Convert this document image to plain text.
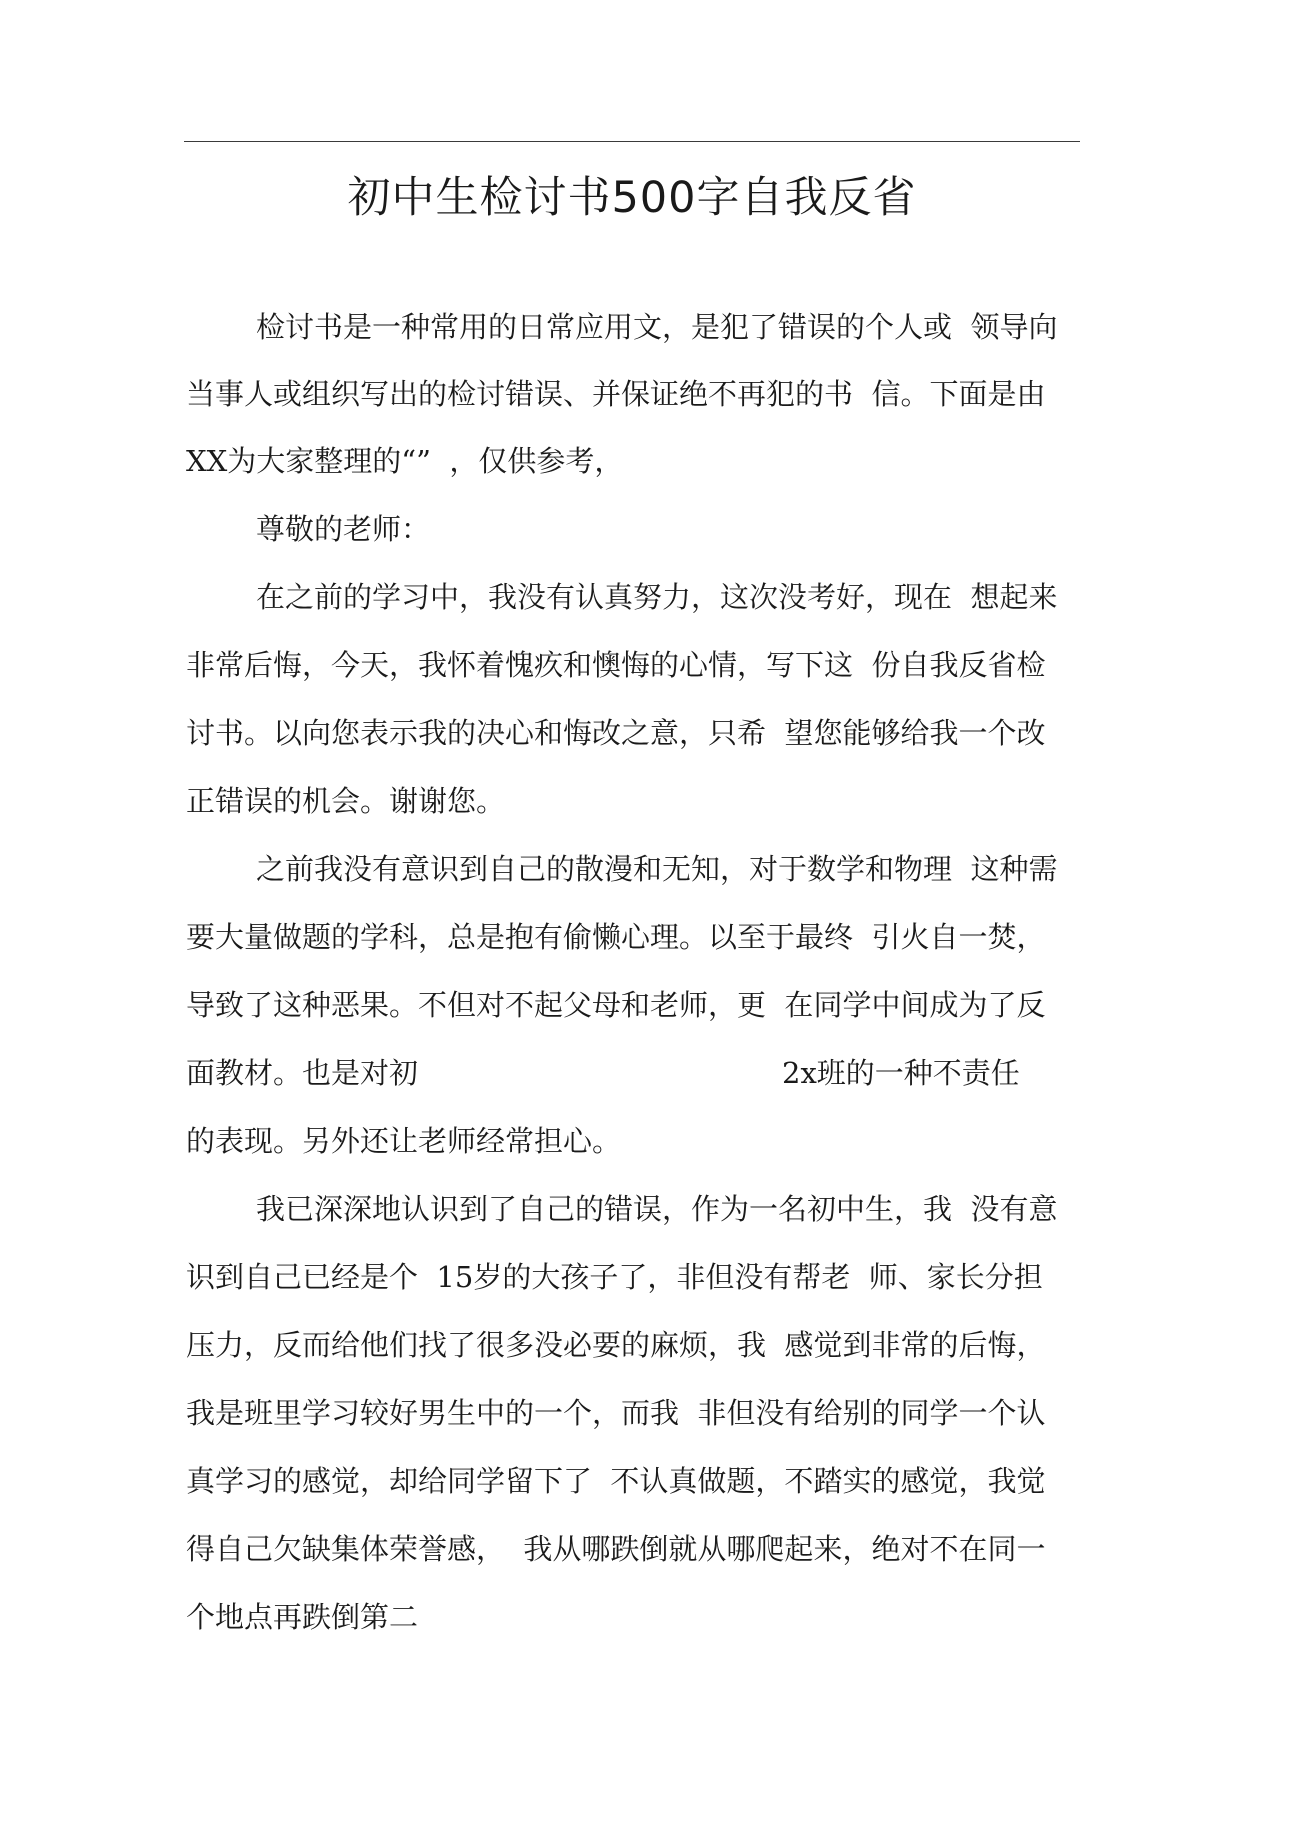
初中生检讨书500字自我反省
检讨书是一种常用的日常应用文，是犯了错误的个人或  领导向
当事人或组织写出的检讨错误、并保证绝不再犯的书  信。下面是由
XX为大家整理的“”  ，仅供参考，
尊敬的老师：
在之前的学习中，我没有认真努力，这次没考好，现在  想起来
非常后悔，今天，我怀着愧疚和懊悔的心情，写下这  份自我反省检
讨书。以向您表示我的决心和悔改之意，只希  望您能够给我一个改
正错误的机会。谢谢您。
之前我没有意识到自己的散漫和无知，对于数学和物理  这种需
要大量做题的学科，总是抱有偷懒心理。以至于最终  引火自一焚，
导致了这种恶果。不但对不起父母和老师，更  在同学中间成为了反
面教材。也是对初	2x班的一种不责任
的表现。另外还让老师经常担心。
我已深深地认识到了自己的错误，作为一名初中生，我  没有意
识到自己已经是个  15岁的大孩子了，非但没有帮老  师、家长分担
压力，反而给他们找了很多没必要的麻烦，我  感觉到非常的后悔，
我是班里学习较好男生中的一个，而我  非但没有给别的同学一个认
真学习的感觉，却给同学留下了  不认真做题，不踏实的感觉，我觉
得自己欠缺集体荣誉感，  我从哪跌倒就从哪爬起来，绝对不在同一
个地点再跌倒第二
